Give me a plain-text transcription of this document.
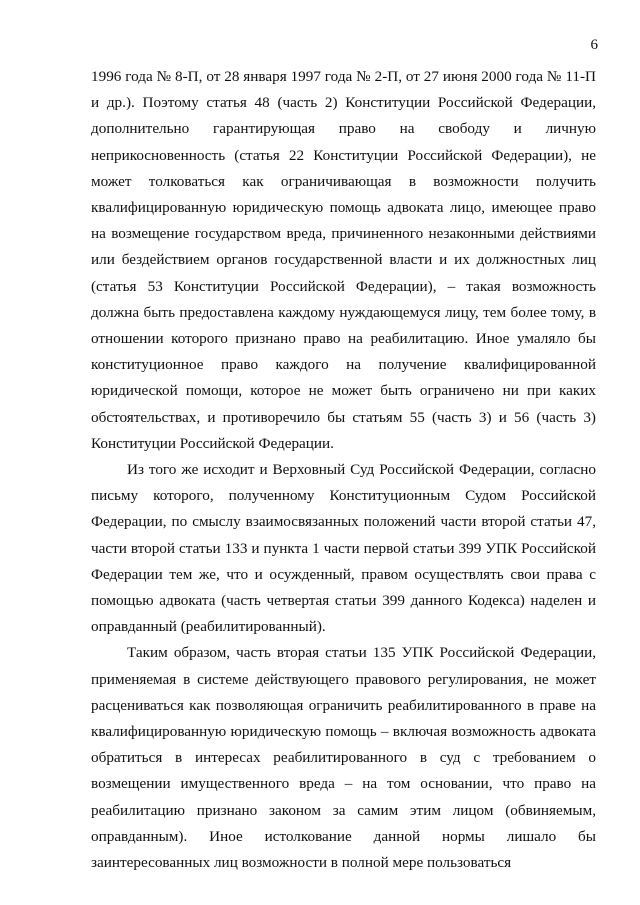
6

1996 года № 8-П, от 28 января 1997 года № 2-П, от 27 июня 2000 года № 11-П и др.). Поэтому статья 48 (часть 2) Конституции Российской Федерации, дополнительно гарантирующая право на свободу и личную неприкосновенность (статья 22 Конституции Российской Федерации), не может толковаться как ограничивающая в возможности получить квалифицированную юридическую помощь адвоката лицо, имеющее право на возмещение государством вреда, причиненного незаконными действиями или бездействием органов государственной власти и их должностных лиц (статья 53 Конституции Российской Федерации), – такая возможность должна быть предоставлена каждому нуждающемуся лицу, тем более тому, в отношении которого признано право на реабилитацию. Иное умаляло бы конституционное право каждого на получение квалифицированной юридической помощи, которое не может быть ограничено ни при каких обстоятельствах, и противоречило бы статьям 55 (часть 3) и 56 (часть 3) Конституции Российской Федерации.

Из того же исходит и Верховный Суд Российской Федерации, согласно письму которого, полученному Конституционным Судом Российской Федерации, по смыслу взаимосвязанных положений части второй статьи 47, части второй статьи 133 и пункта 1 части первой статьи 399 УПК Российской Федерации тем же, что и осужденный, правом осуществлять свои права с помощью адвоката (часть четвертая статьи 399 данного Кодекса) наделен и оправданный (реабилитированный).

Таким образом, часть вторая статьи 135 УПК Российской Федерации, применяемая в системе действующего правового регулирования, не может расцениваться как позволяющая ограничить реабилитированного в праве на квалифицированную юридическую помощь – включая возможность адвоката обратиться в интересах реабилитированного в суд с требованием о возмещении имущественного вреда – на том основании, что право на реабилитацию признано законом за самим этим лицом (обвиняемым, оправданным). Иное истолкование данной нормы лишало бы заинтересованных лиц возможности в полной мере пользоваться
